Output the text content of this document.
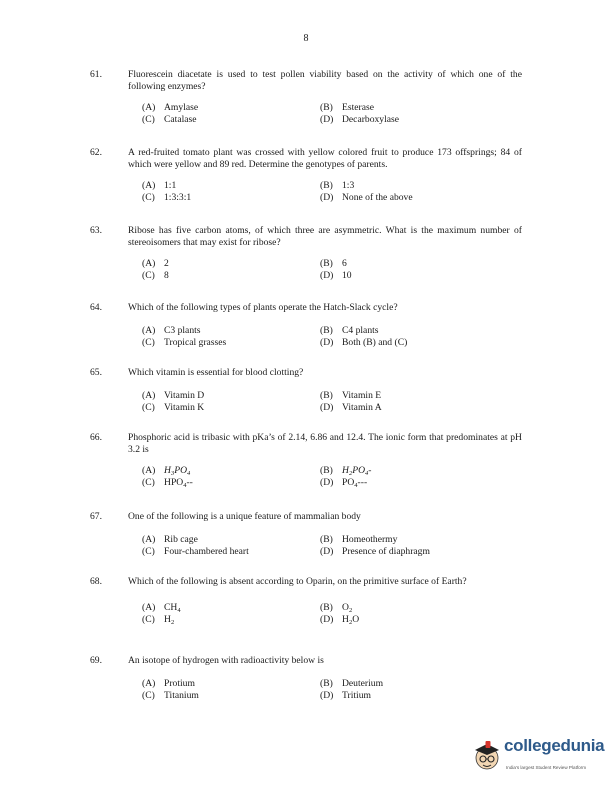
8
61.	Fluorescein diacetate is used to test pollen viability based on the activity of which one of the following enzymes?
(A) Amylase	(B) Esterase
(C) Catalase	(D) Decarboxylase
62.	A red-fruited tomato plant was crossed with yellow colored fruit to produce 173 offsprings; 84 of which were yellow and 89 red. Determine the genotypes of parents.
(A) 1:1	(B) 1:3
(C) 1:3:3:1	(D) None of the above
63.	Ribose has five carbon atoms, of which three are asymmetric. What is the maximum number of stereoisomers that may exist for ribose?
(A) 2	(B) 6
(C) 8	(D) 10
64.	Which of the following types of plants operate the Hatch-Slack cycle?
(A) C3 plants	(B) C4 plants
(C) Tropical grasses	(D) Both (B) and (C)
65.	Which vitamin is essential for blood clotting?
(A) Vitamin D	(B) Vitamin E
(C) Vitamin K	(D) Vitamin A
66.	Phosphoric acid is tribasic with pKa’s of 2.14, 6.86 and 12.4. The ionic form that predominates at pH 3.2 is
(A) $H_3PO_4$	(B) $H_2PO_4-$
(C) $HPO_4--$	(D) $PO_4---$
67.	One of the following is a unique feature of mammalian body
(A) Rib cage	(B) Homeothermy
(C) Four-chambered heart	(D) Presence of diaphragm
68.	Which of the following is absent according to Oparin, on the primitive surface of Earth?
(A) $CH_4$	(B) $O_2$
(C) $H_2$	(D) $H_2O$
69.	An isotope of hydrogen with radioactivity below is
(A) Protium	(B) Deuterium
(C) Titanium	(D) Tritium
collegedunia
India's largest Student Review Platform
